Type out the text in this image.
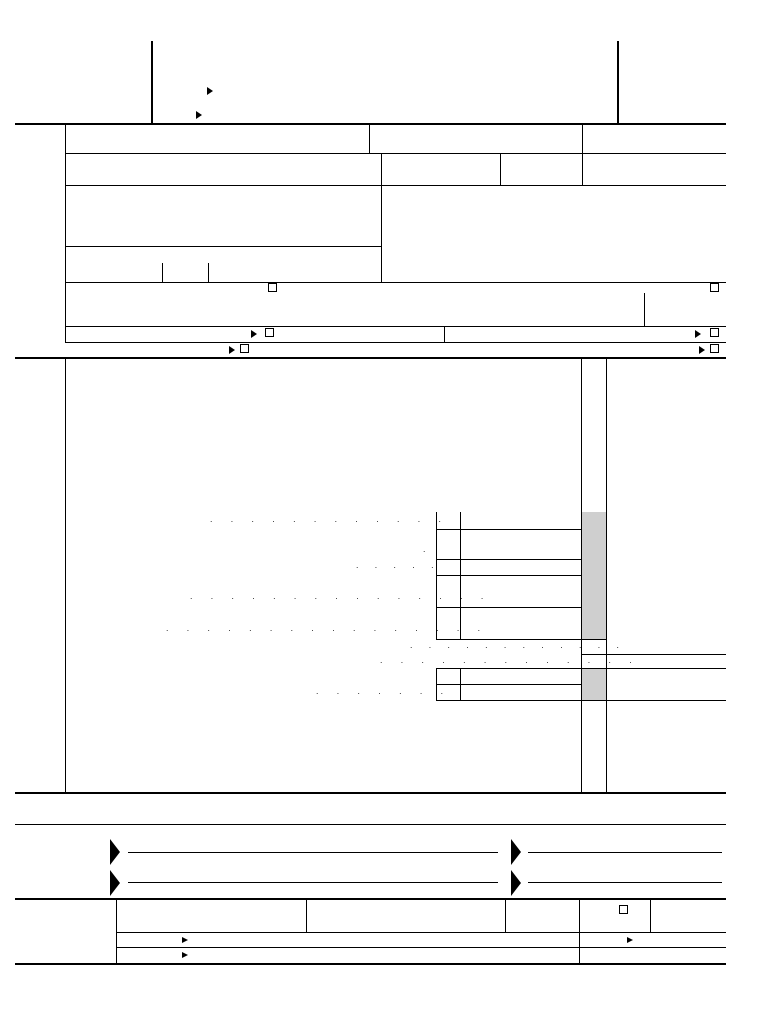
. . . . . . . . . . . . .
.
. . . . .
. . . . . . . . . . . . . . .
. . . . . . . . . . . . . . . .
. . . . . . . . . . . .
. . . . . . . . . . . . .
. . . . . . .
